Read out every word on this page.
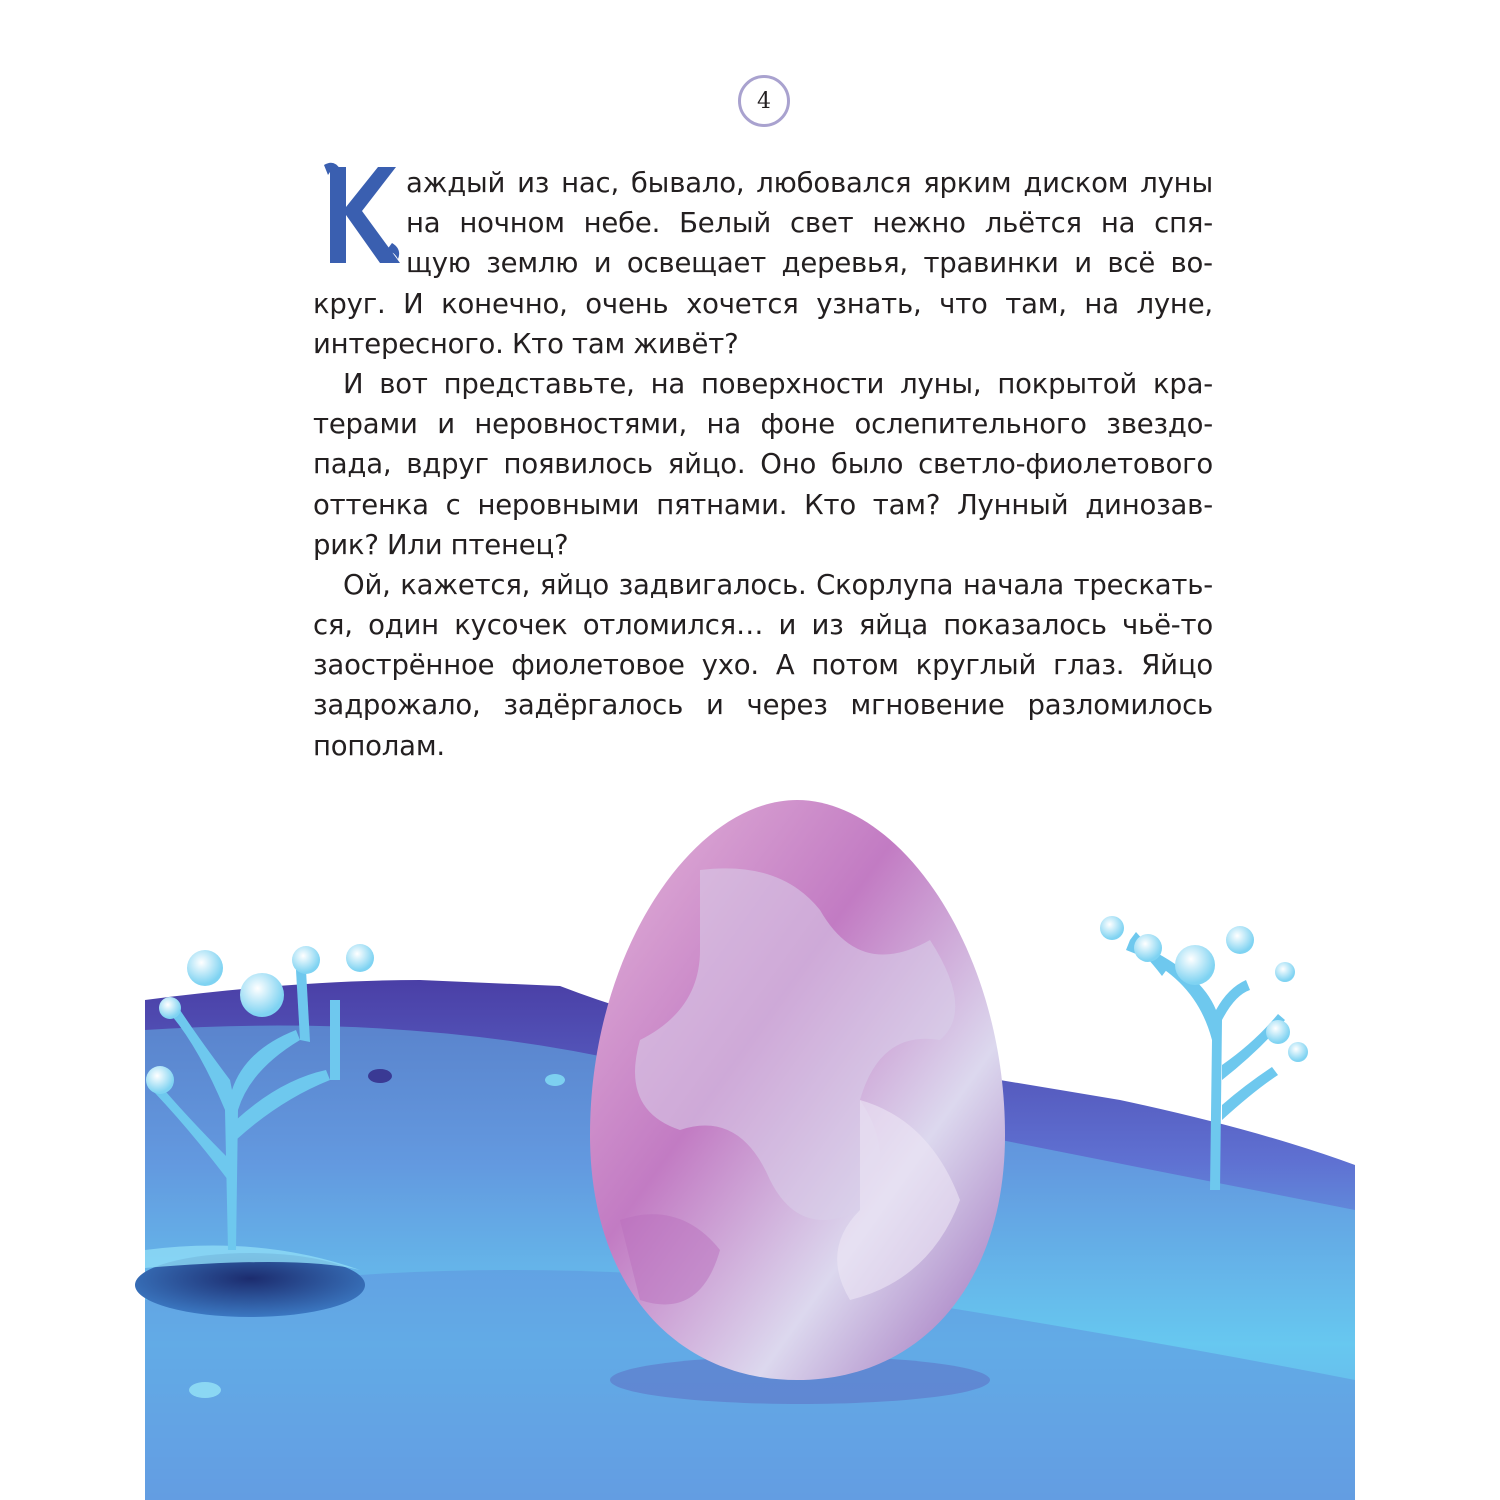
4
аждый из нас, бывало, любовался ярким диском луны
на ночном небе. Белый свет нежно льётся на спя-
щую землю и освещает деревья, травинки и всё во-
круг. И конечно, очень хочется узнать, что там, на луне,
интересного. Кто там живёт?
И вот представьте, на поверхности луны, покрытой кра-
терами и неровностями, на фоне ослепительного звездо-
пада, вдруг появилось яйцо. Оно было светло-фиолетового
оттенка с неровными пятнами. Кто там? Лунный динозав-
рик? Или птенец?
Ой, кажется, яйцо задвигалось. Скорлупа начала трескать-
ся, один кусочек отломился… и из яйца показалось чьё-то
заострённое фиолетовое ухо. А потом круглый глаз. Яйцо
задрожало, задёргалось и через мгновение разломилось
пополам.
